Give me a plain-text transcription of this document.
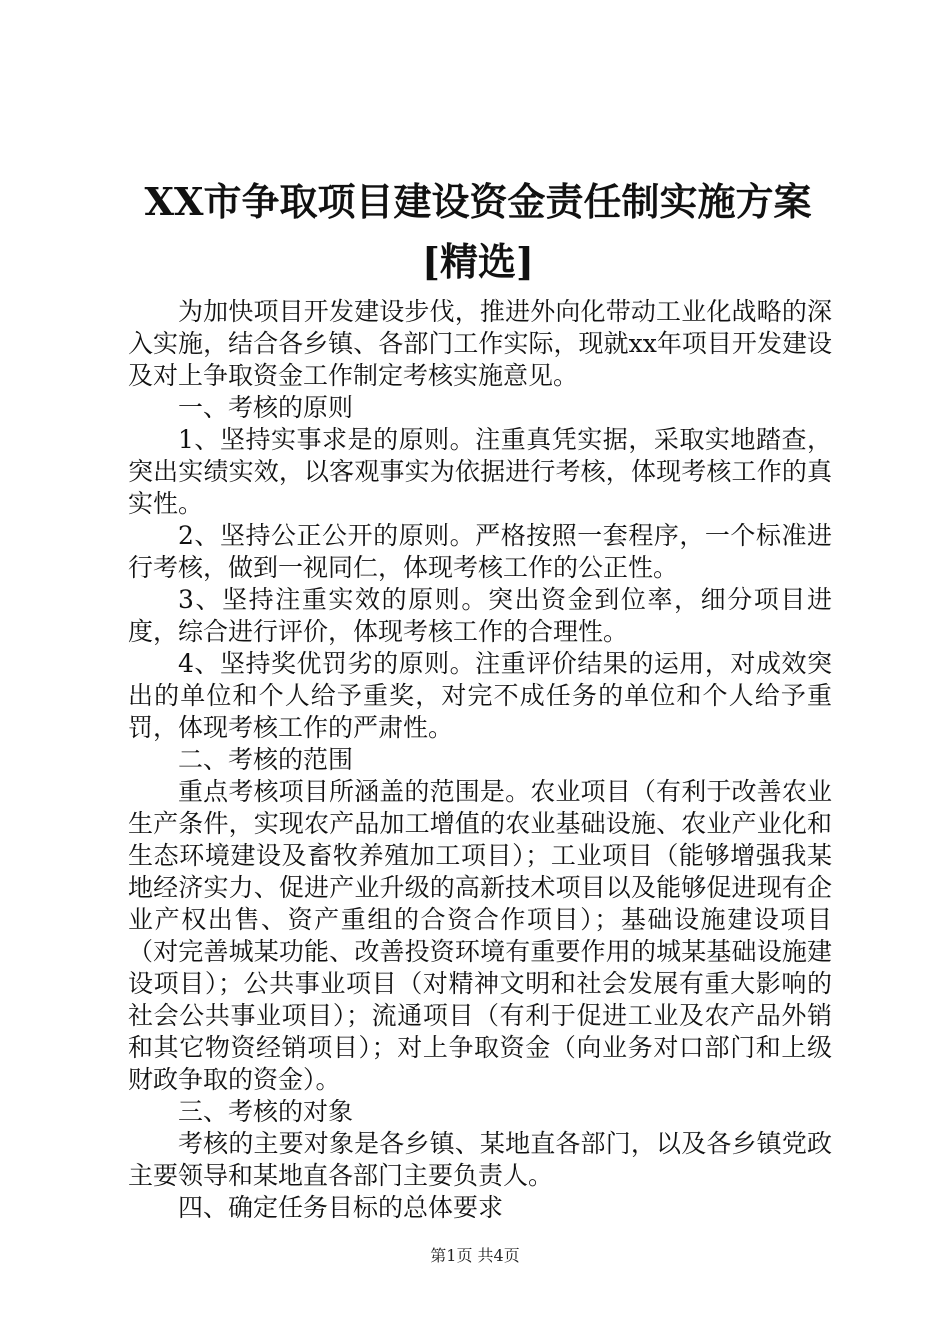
XX市争取项目建设资金责任制实施方案[精选]

为加快项目开发建设步伐，推进外向化带动工业化战略的深入实施，结合各乡镇、各部门工作实际，现就xx年项目开发建设及对上争取资金工作制定考核实施意见。

一、考核的原则

1、坚持实事求是的原则。注重真凭实据，采取实地踏查，突出实绩实效，以客观事实为依据进行考核，体现考核工作的真实性。

2、坚持公正公开的原则。严格按照一套程序，一个标准进行考核，做到一视同仁，体现考核工作的公正性。

3、坚持注重实效的原则。突出资金到位率，细分项目进度，综合进行评价，体现考核工作的合理性。

4、坚持奖优罚劣的原则。注重评价结果的运用，对成效突出的单位和个人给予重奖，对完不成任务的单位和个人给予重罚，体现考核工作的严肃性。

二、考核的范围

重点考核项目所涵盖的范围是。农业项目（有利于改善农业生产条件，实现农产品加工增值的农业基础设施、农业产业化和生态环境建设及畜牧养殖加工项目）；工业项目（能够增强我某地经济实力、促进产业升级的高新技术项目以及能够促进现有企业产权出售、资产重组的合资合作项目）；基础设施建设项目（对完善城某功能、改善投资环境有重要作用的城某基础设施建设项目）；公共事业项目（对精神文明和社会发展有重大影响的社会公共事业项目）；流通项目（有利于促进工业及农产品外销和其它物资经销项目）；对上争取资金（向业务对口部门和上级财政争取的资金）。

三、考核的对象

考核的主要对象是各乡镇、某地直各部门，以及各乡镇党政主要领导和某地直各部门主要负责人。

四、确定任务目标的总体要求

第1页 共4页
